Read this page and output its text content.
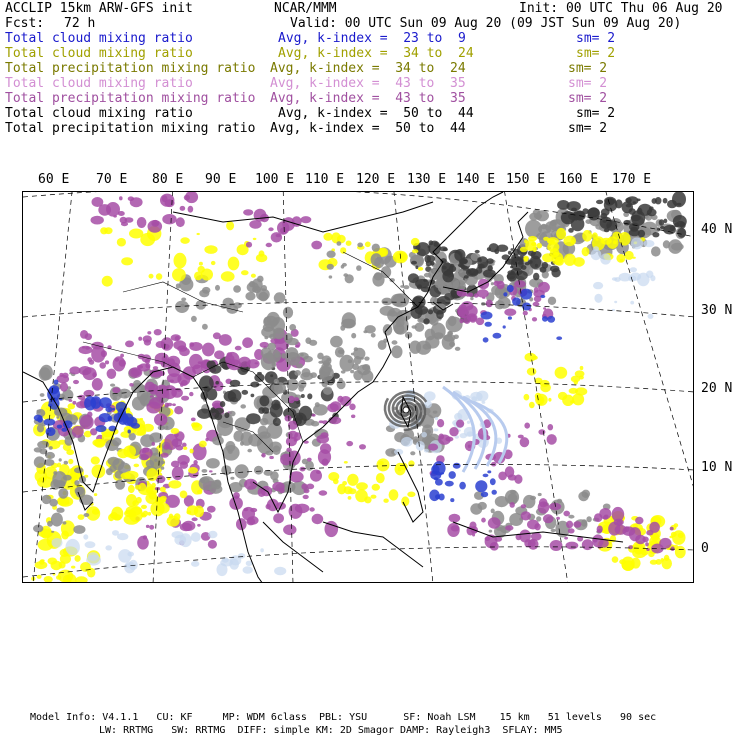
ACCLIP 15km ARW-GFS init	NCAR/MMM	Init: 00 UTC Thu 06 Aug 20
Fcst: 72 h	Valid: 00 UTC Sun 09 Aug 20 (09 JST Sun 09 Aug 20)
Total cloud mixing ratio	Avg, k-index =  23 to  9	sm= 2
Total cloud mixing ratio	Avg, k-index =  34 to  24	sm= 2
Total precipitation mixing ratio Avg, k-index =  34 to  24	sm= 2
Total cloud mixing ratio	Avg, k-index =  43 to  35	sm= 2
Total precipitation mixing ratio Avg, k-index =  43 to  35	sm= 2
Total cloud mixing ratio	Avg, k-index =  50 to  44	sm= 2
Total precipitation mixing ratio Avg, k-index =  50 to  44	sm= 2
60 E 70 E 80 E 90 E 100 E 110 E 120 E 130 E 140 E 150 E 160 E 170 E
40 N
30 N
20 N
10 N
0
Model Info: V4.1.1   CU: KF     MP: WDM 6class  PBL: YSU      SF: Noah LSM    15 km   51 levels   90 sec
LW: RRTMG   SW: RRTMG  DIFF: simple KM: 2D Smagor DAMP: Rayleigh3  SFLAY: MM5
